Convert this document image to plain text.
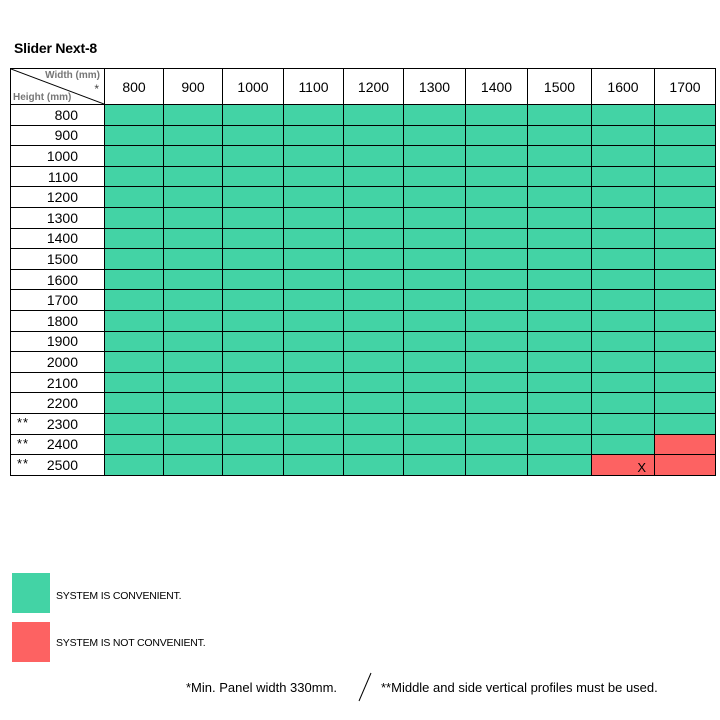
Slider Next-8
Width (mm)
*
Height (mm)	800	900	1000	1100	1200	1300	1400	1500	1600	1700
800										
900										
1000										
1100										
1200										
1300										
1400										
1500										
1600										
1700										
1800										
1900										
2000										
2100										
2200										

** 2300										

** 2400										

** 2500									X	

SYSTEM IS CONVENIENT.
SYSTEM IS NOT CONVENIENT.
*Min. Panel width 330mm.	**Middle and side vertical profiles must be used.
